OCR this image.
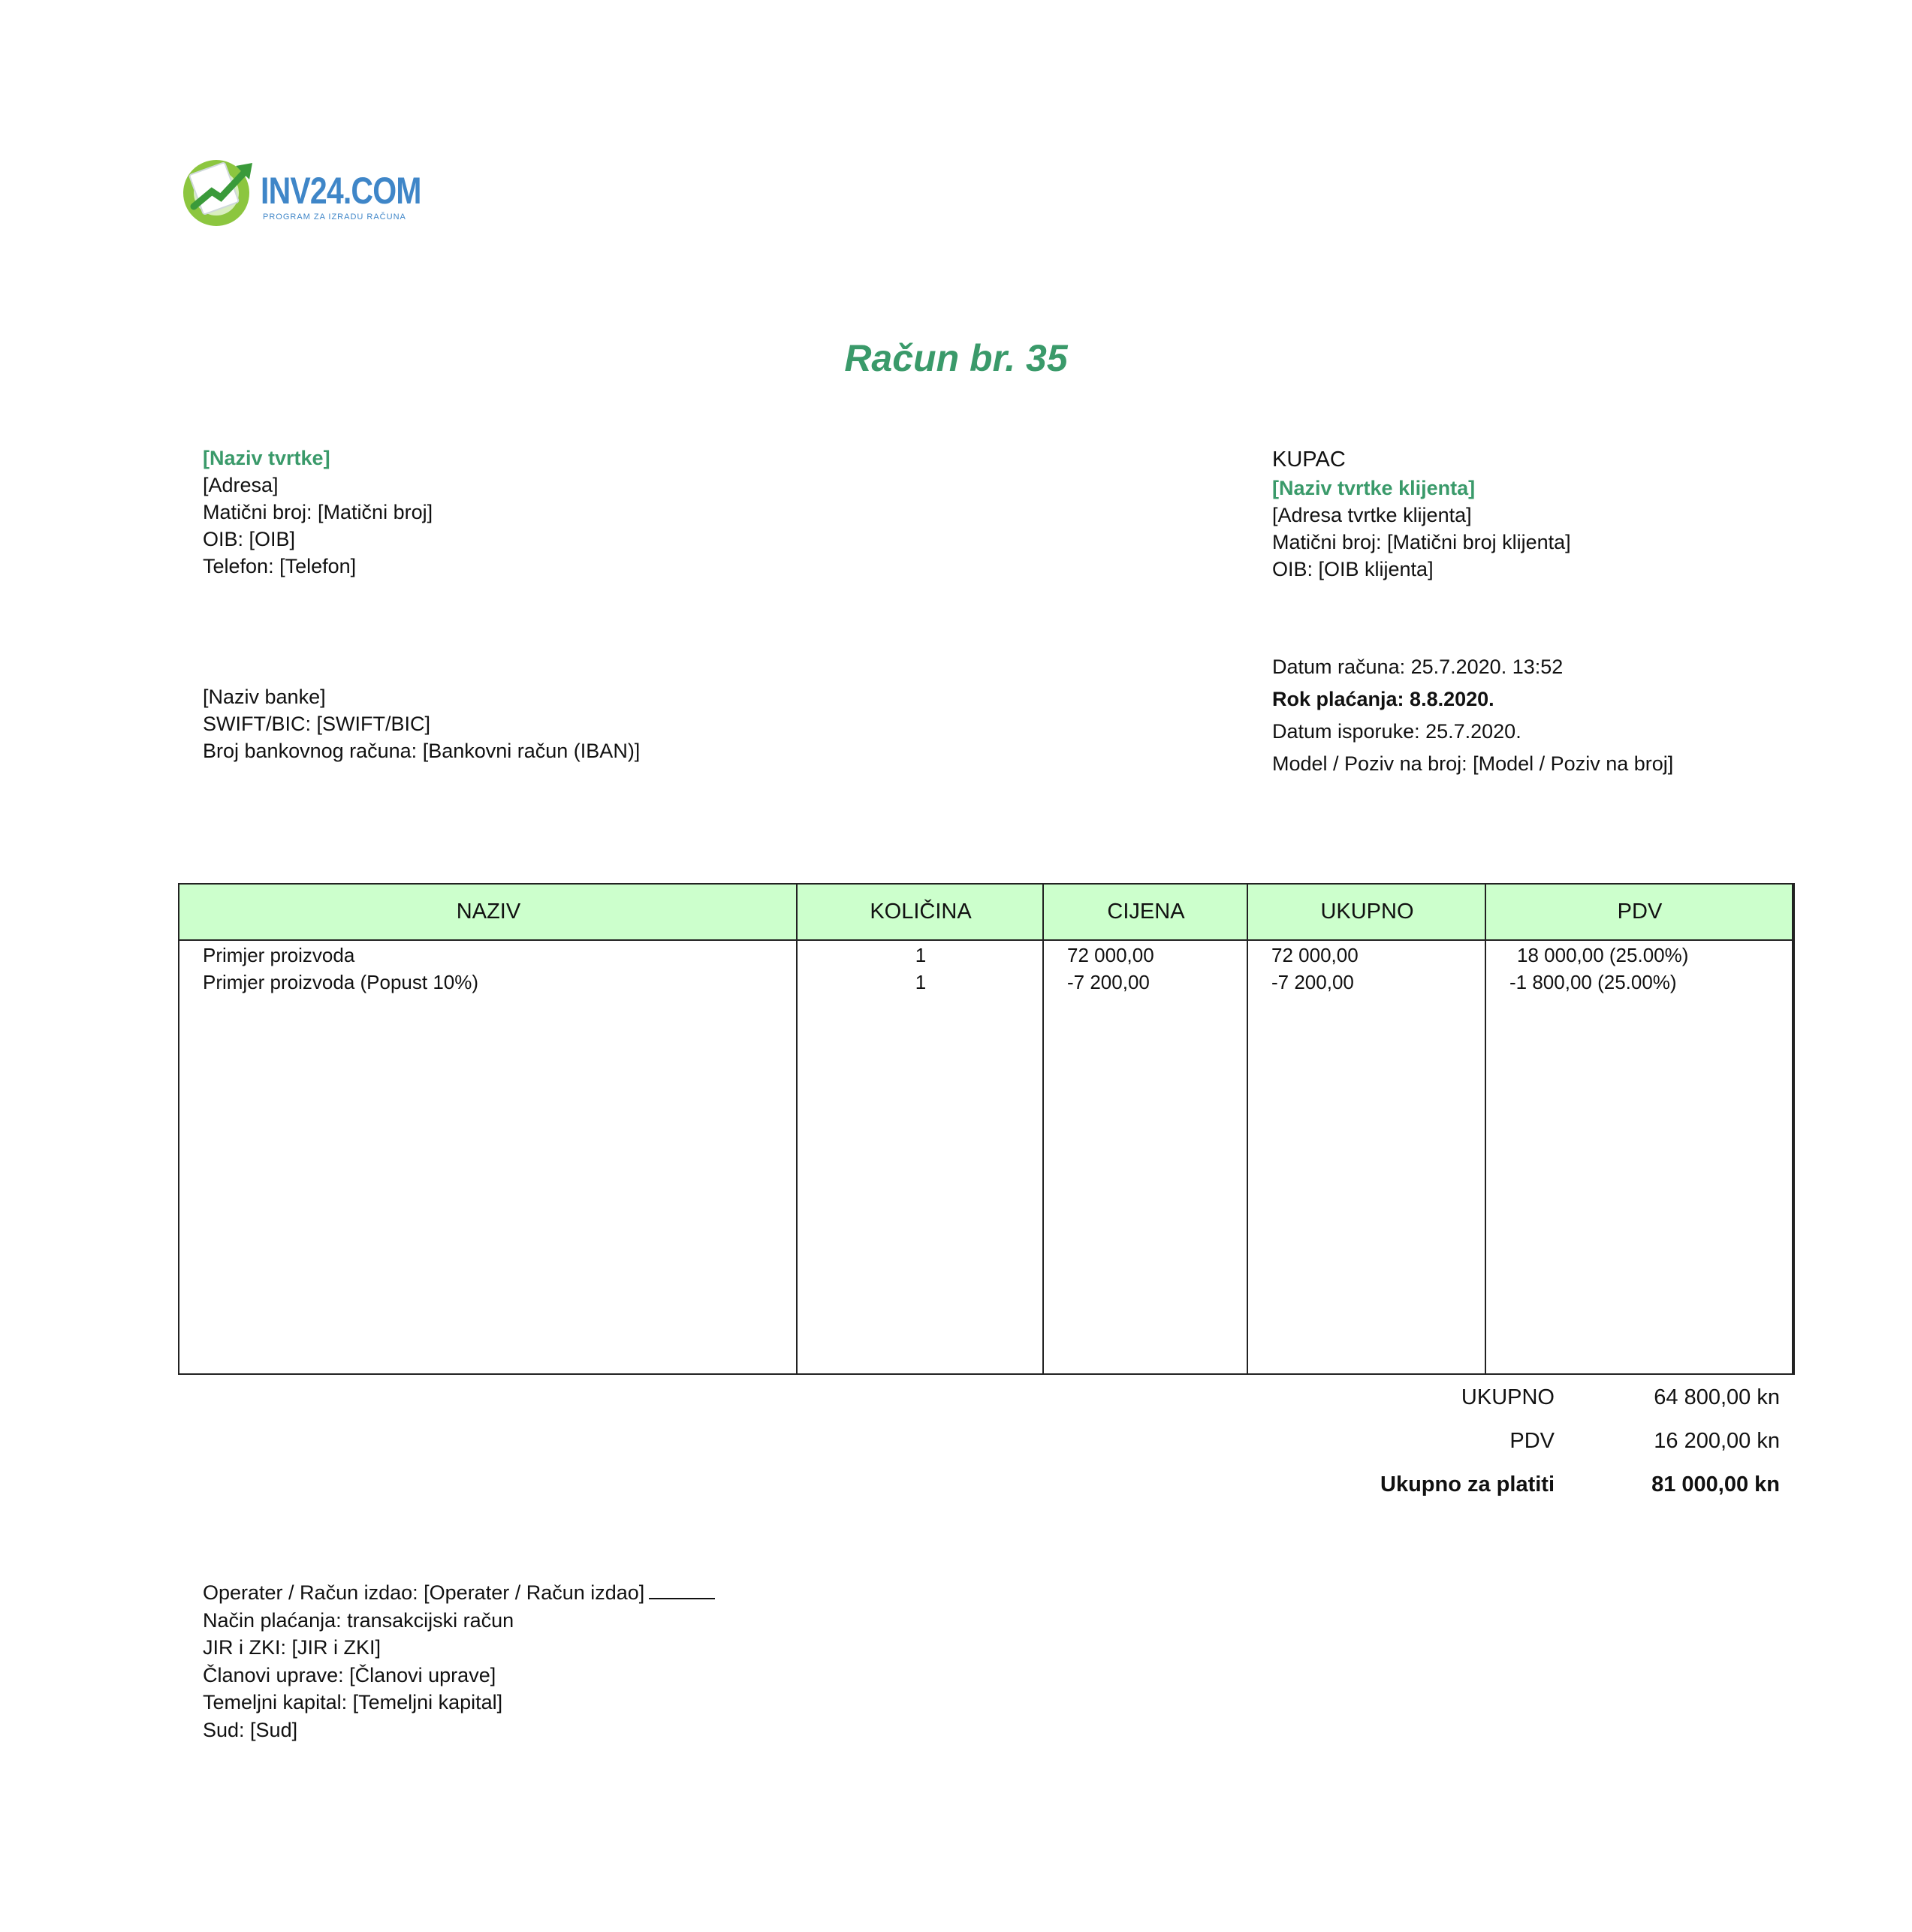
INV24.COM
PROGRAM ZA IZRADU RAČUNA
Račun br. 35
[Naziv tvrtke]
[Adresa]
Matični broj: [Matični broj]
OIB: [OIB]
Telefon: [Telefon]
KUPAC
[Naziv tvrtke klijenta]
[Adresa tvrtke klijenta]
Matični broj: [Matični broj klijenta]
OIB: [OIB klijenta]
[Naziv banke]
SWIFT/BIC: [SWIFT/BIC]
Broj bankovnog računa: [Bankovni račun (IBAN)]
Datum računa: 25.7.2020. 13:52
Rok plaćanja: 8.8.2020.
Datum isporuke: 25.7.2020.
Model / Poziv na broj: [Model / Poziv na broj]
NAZIV	KOLIČINA	CIJENA	UKUPNO	PDV
Primjer proizvoda	1	72 000,00	72 000,00	18 000,00 (25.00%)
Primjer proizvoda (Popust 10%)	1	-7 200,00	-7 200,00	-1 800,00 (25.00%)
UKUPNO	64 800,00 kn
PDV	16 200,00 kn
Ukupno za platiti	81 000,00 kn
Operater / Račun izdao: [Operater / Račun izdao]
Način plaćanja: transakcijski račun
JIR i ZKI: [JIR i ZKI]
Članovi uprave: [Članovi uprave]
Temeljni kapital: [Temeljni kapital]
Sud: [Sud]
